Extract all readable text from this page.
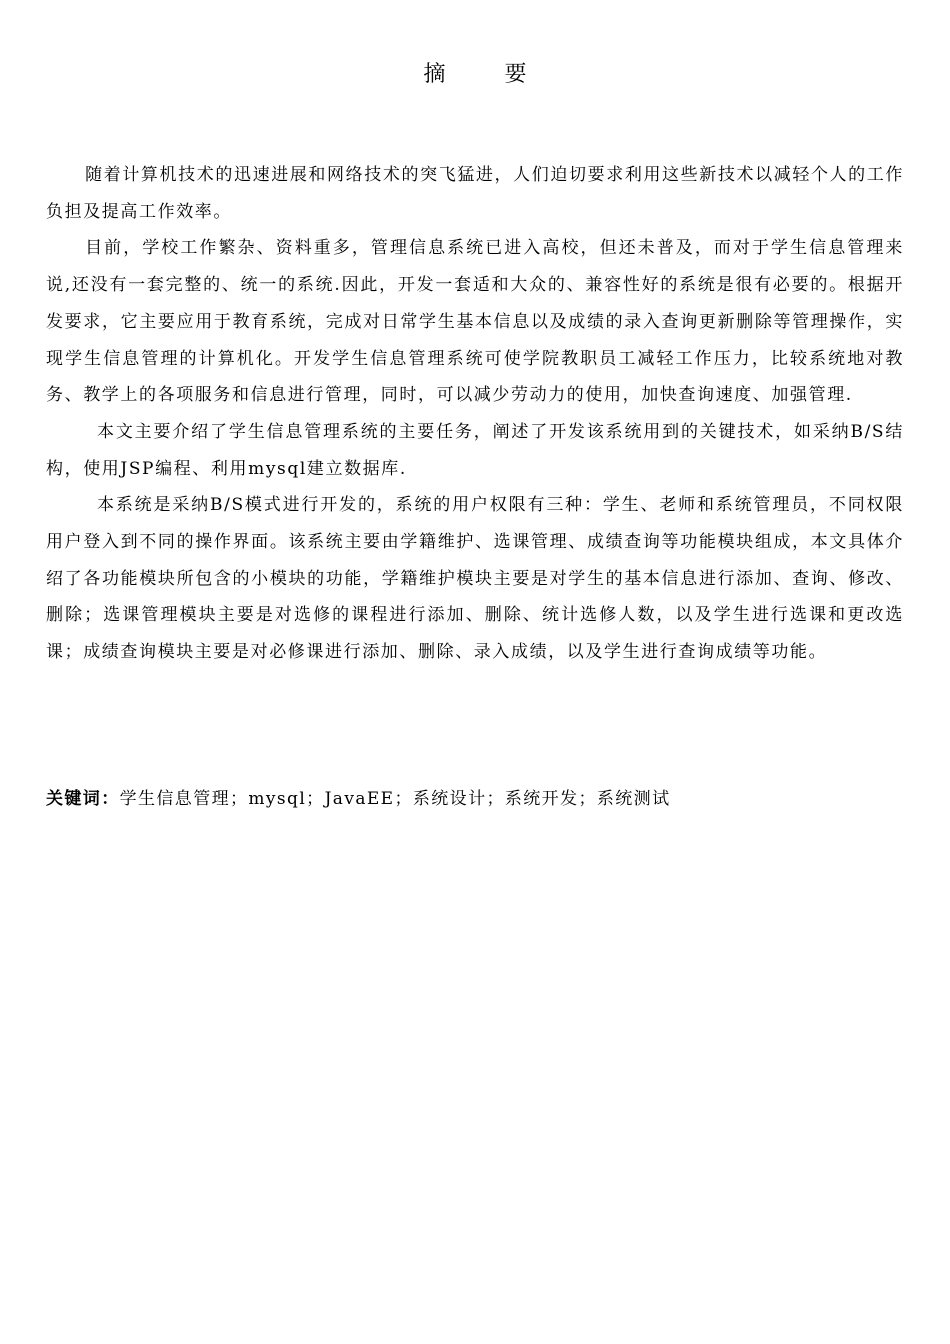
摘 要

随着计算机技术的迅速进展和网络技术的突飞猛进，人们迫切要求利用这些新技术以减轻个人的工作负担及提高工作效率。

目前，学校工作繁杂、资料重多，管理信息系统已进入高校，但还未普及，而对于学生信息管理来说,还没有一套完整的、统一的系统.因此，开发一套适和大众的、兼容性好的系统是很有必要的。根据开发要求，它主要应用于教育系统，完成对日常学生基本信息以及成绩的录入查询更新删除等管理操作，实现学生信息管理的计算机化。开发学生信息管理系统可使学院教职员工减轻工作压力，比较系统地对教务、教学上的各项服务和信息进行管理，同时，可以减少劳动力的使用，加快查询速度、加强管理.

本文主要介绍了学生信息管理系统的主要任务，阐述了开发该系统用到的关键技术，如采纳B/S结构，使用JSP编程、利用mysql建立数据库.

本系统是采纳B/S模式进行开发的，系统的用户权限有三种：学生、老师和系统管理员，不同权限用户登入到不同的操作界面。该系统主要由学籍维护、选课管理、成绩查询等功能模块组成，本文具体介绍了各功能模块所包含的小模块的功能，学籍维护模块主要是对学生的基本信息进行添加、查询、修改、删除；选课管理模块主要是对选修的课程进行添加、删除、统计选修人数，以及学生进行选课和更改选课；成绩查询模块主要是对必修课进行添加、删除、录入成绩，以及学生进行查询成绩等功能。

关键词：学生信息管理；mysql；JavaEE；系统设计；系统开发；系统测试
